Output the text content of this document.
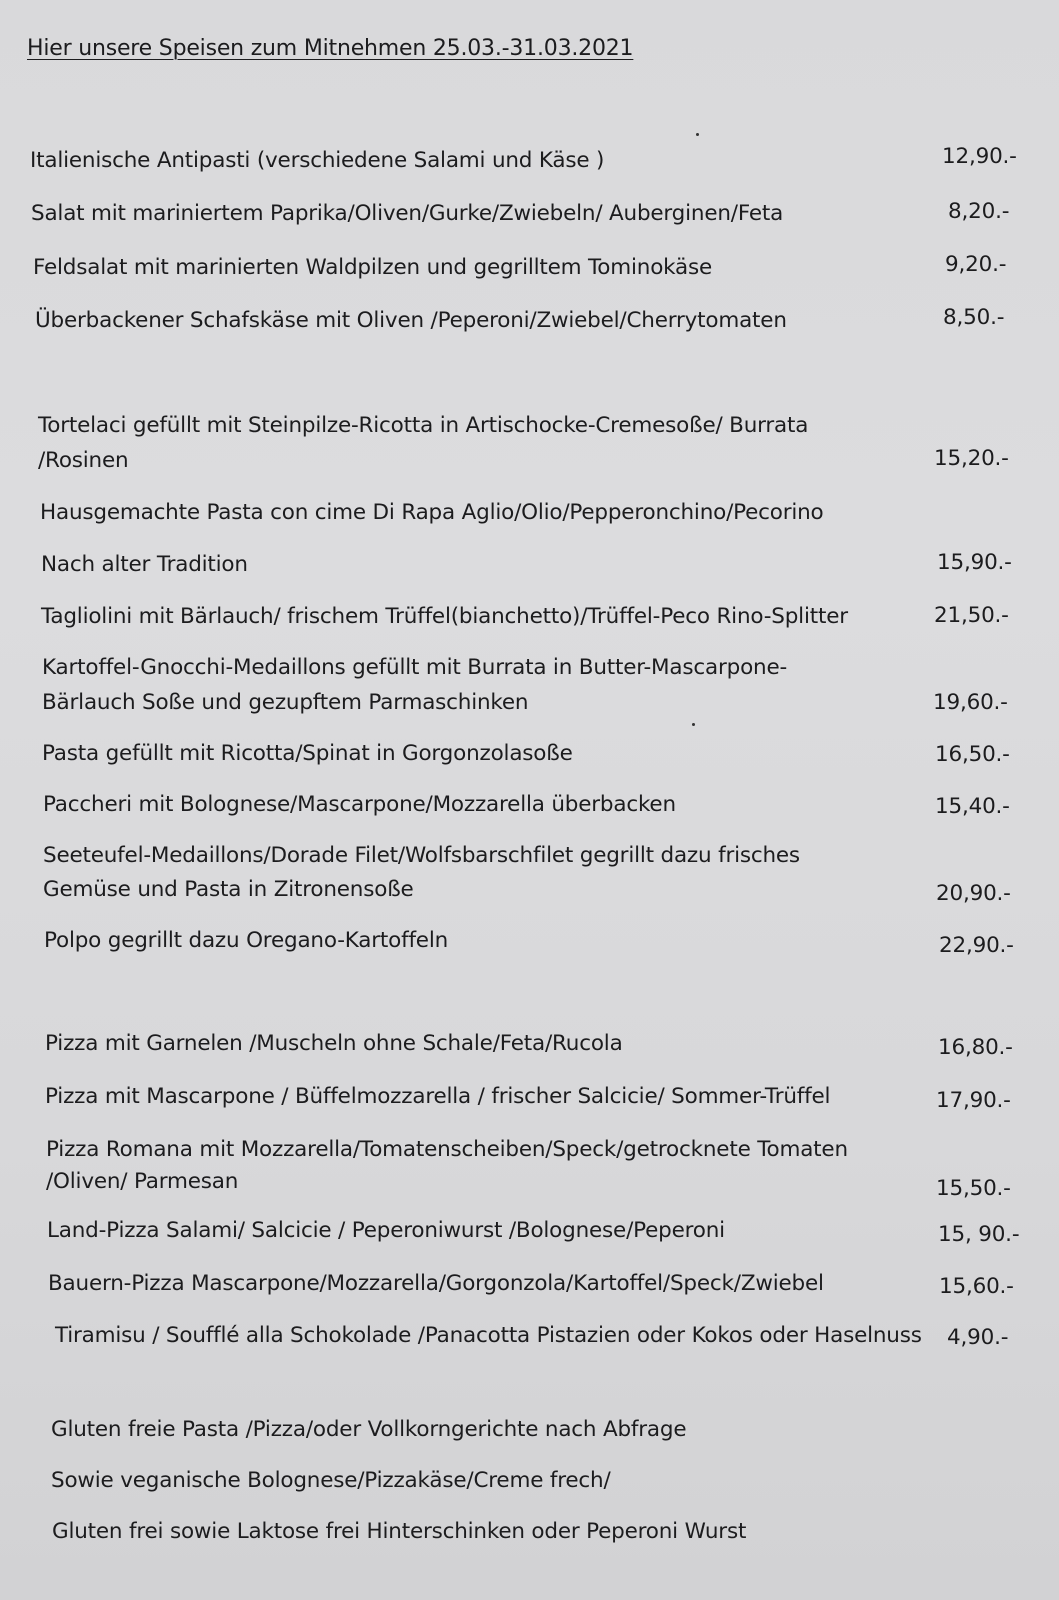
Hier unsere Speisen zum Mitnehmen 25.03.-31.03.2021
Italienische Antipasti (verschiedene Salami und Käse )	12,90.-
Salat mit mariniertem Paprika/Oliven/Gurke/Zwiebeln/ Auberginen/Feta	8,20.-
Feldsalat mit marinierten Waldpilzen und gegrilltem Tominokäse	9,20.-
Überbackener Schafskäse mit Oliven /Peperoni/Zwiebel/Cherrytomaten	8,50.-
Tortelaci gefüllt mit Steinpilze-Ricotta in Artischocke-Cremesoße/ Burrata
/Rosinen	15,20.-
Hausgemachte Pasta con cime Di Rapa Aglio/Olio/Pepperonchino/Pecorino
Nach alter Tradition	15,90.-
Tagliolini mit Bärlauch/ frischem Trüffel(bianchetto)/Trüffel-Peco Rino-Splitter	21,50.-
Kartoffel-Gnocchi-Medaillons gefüllt mit Burrata in Butter-Mascarpone-
Bärlauch Soße und gezupftem Parmaschinken	19,60.-
Pasta gefüllt mit Ricotta/Spinat in Gorgonzolasoße	16,50.-
Paccheri mit Bolognese/Mascarpone/Mozzarella überbacken	15,40.-
Seeteufel-Medaillons/Dorade Filet/Wolfsbarschfilet gegrillt dazu frisches
Gemüse und Pasta in Zitronensoße	20,90.-
Polpo gegrillt dazu Oregano-Kartoffeln	22,90.-
Pizza mit Garnelen /Muscheln ohne Schale/Feta/Rucola	16,80.-
Pizza mit Mascarpone / Büffelmozzarella / frischer Salcicie/ Sommer-Trüffel	17,90.-
Pizza Romana mit Mozzarella/Tomatenscheiben/Speck/getrocknete Tomaten
/Oliven/ Parmesan	15,50.-
Land-Pizza Salami/ Salcicie / Peperoniwurst /Bolognese/Peperoni	15, 90.-
Bauern-Pizza Mascarpone/Mozzarella/Gorgonzola/Kartoffel/Speck/Zwiebel	15,60.-
Tiramisu / Soufflé alla Schokolade /Panacotta Pistazien oder Kokos oder Haselnuss 4,90.-
Gluten freie Pasta /Pizza/oder Vollkorngerichte nach Abfrage
Sowie veganische Bolognese/Pizzakäse/Creme frech/
Gluten frei sowie Laktose frei Hinterschinken oder Peperoni Wurst
